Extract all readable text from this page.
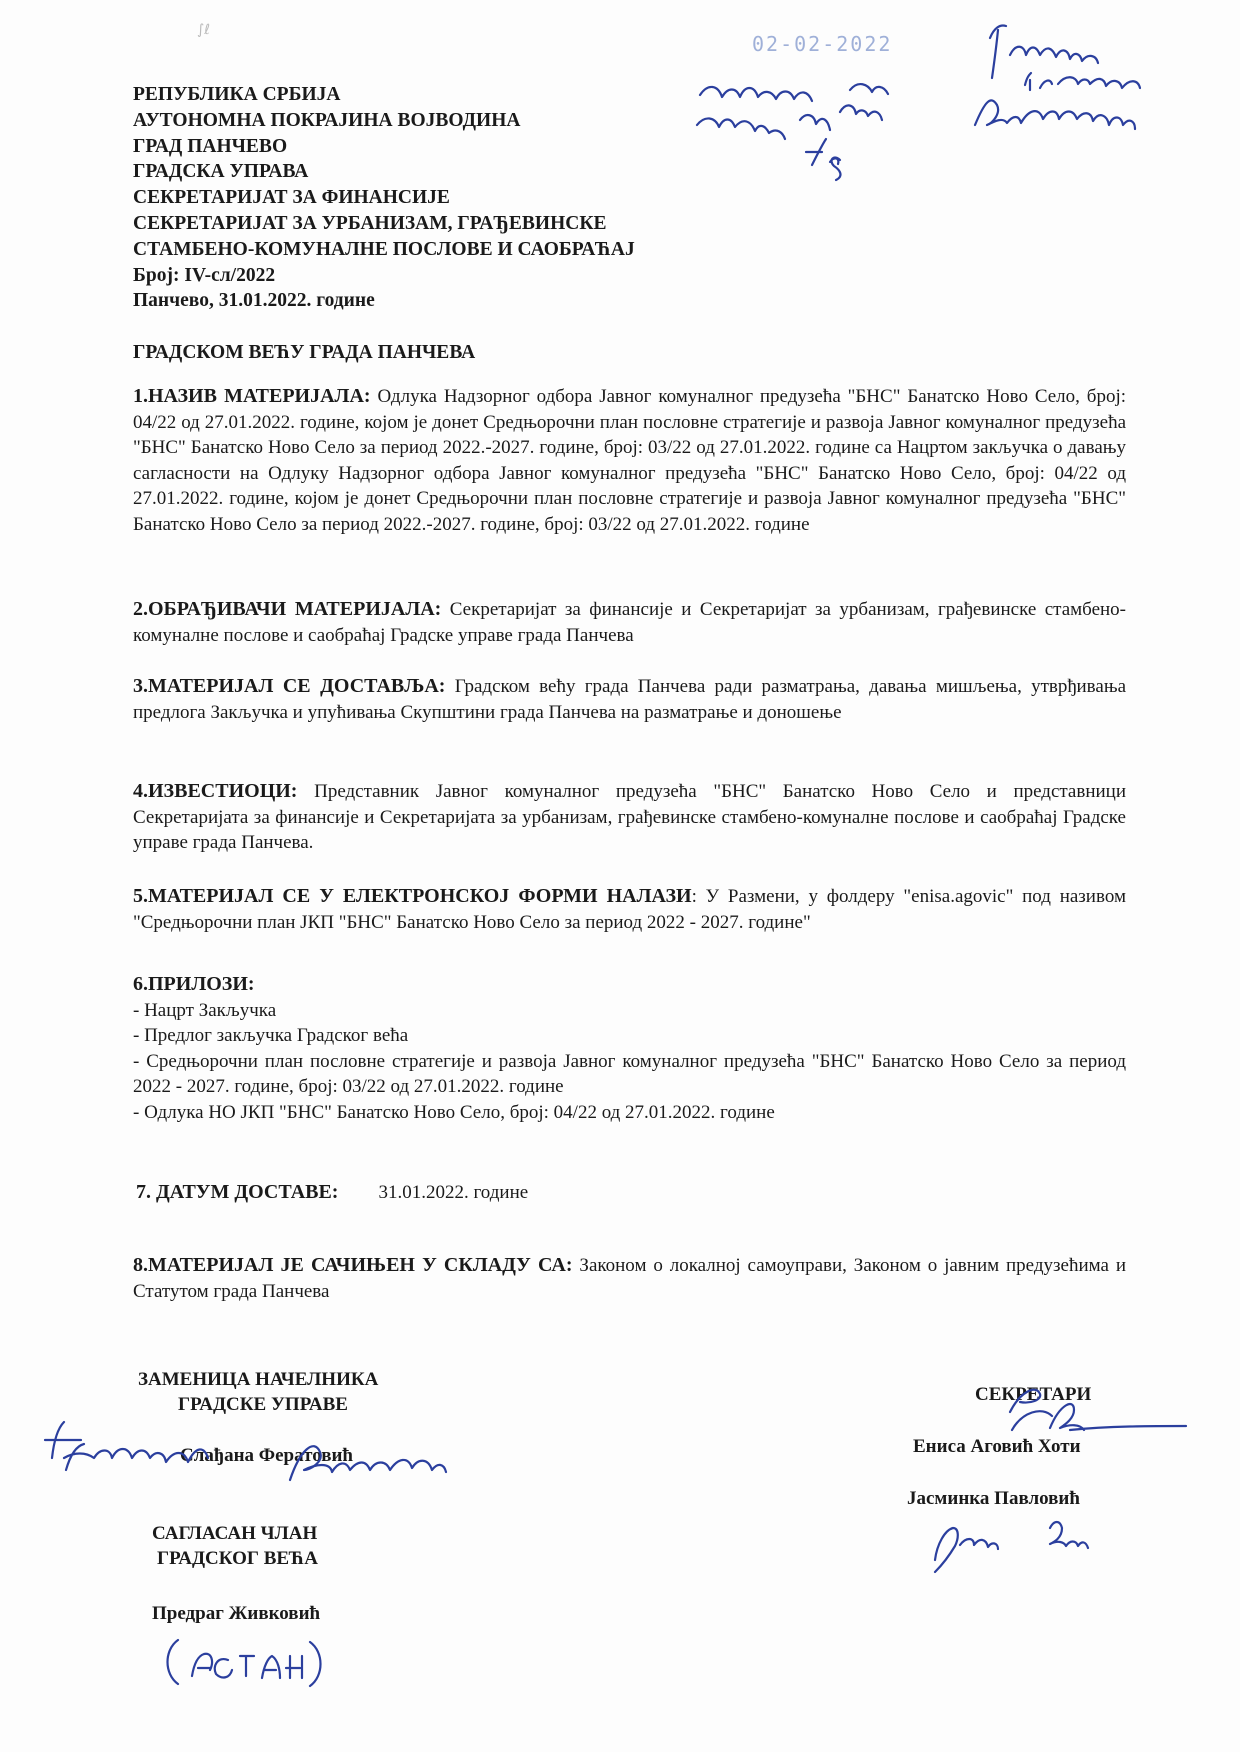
02-02-2022
РЕПУБЛИКА СРБИЈА
АУТОНОМНА ПОКРАЈИНА ВОЈВОДИНА
ГРАД ПАНЧЕВО
ГРАДСКА УПРАВА
СЕКРЕТАРИЈАТ ЗА ФИНАНСИЈЕ
СЕКРЕТАРИЈАТ ЗА УРБАНИЗАМ, ГРАЂЕВИНСКЕ
СТАМБЕНО-КОМУНАЛНЕ ПОСЛОВЕ И САОБРАЋАЈ
Број: IV-сл/2022
Панчево, 31.01.2022. године
ГРАДСКОМ ВЕЋУ ГРАДА ПАНЧЕВА
1.НАЗИВ МАТЕРИЈАЛА: Одлука Надзорног одбора Јавног комуналног предузећа "БНС" Банатско Ново Село, број: 04/22 од 27.01.2022. године, којом је донет Средњорочни план пословне стратегије и развоја Јавног комуналног предузећа "БНС" Банатско Ново Село за период 2022.-2027. године, број: 03/22 од 27.01.2022. године са Нацртом закључка о давању сагласности на Одлуку Надзорног одбора Јавног комуналног предузећа "БНС" Банатско Ново Село, број: 04/22 од 27.01.2022. године, којом је донет Средњорочни план пословне стратегије и развоја Јавног комуналног предузећа "БНС" Банатско Ново Село за период 2022.-2027. године, број: 03/22 од 27.01.2022. године
2.ОБРАЂИВАЧИ МАТЕРИЈАЛА: Секретаријат за финансије и Секретаријат за урбанизам, грађевинске стамбено-комуналне послове и саобраћај Градске управе града Панчева
3.МАТЕРИЈАЛ СЕ ДОСТАВЉА: Градском већу града Панчева ради разматрања, давања мишљења, утврђивања предлога Закључка и упућивања Скупштини града Панчева на разматрање и доношење
4.ИЗВЕСТИОЦИ: Представник Јавног комуналног предузећа "БНС" Банатско Ново Село и представници Секретаријата за финансије и Секретаријата за урбанизам, грађевинске стамбено-комуналне послове и саобраћај Градске управе града Панчева.
5.МАТЕРИЈАЛ СЕ У ЕЛЕКТРОНСКОЈ ФОРМИ НАЛАЗИ: У Размени, у фолдеру "enisa.agovic" под називом "Средњорочни план ЈКП "БНС" Банатско Ново Село за период 2022 - 2027. године"
6.ПРИЛОЗИ:
- Нацрт Закључка
- Предлог закључка Градског већа
- Средњорочни план пословне стратегије и развоја Јавног комуналног предузећа "БНС" Банатско Ново Село за период 2022 - 2027. године, број: 03/22 од 27.01.2022. године
- Одлука НО ЈКП "БНС" Банатско Ново Село, број: 04/22 од 27.01.2022. године
7. ДАТУМ ДОСТАВЕ: 31.01.2022. године
8.МАТЕРИЈАЛ ЈЕ САЧИЊЕН У СКЛАДУ СА: Законом о локалној самоуправи, Законом о јавним предузећима и Статутом града Панчева
ЗАМЕНИЦА НАЧЕЛНИКА
ГРАДСКЕ УПРАВЕ
Слађана Фератовић
САГЛАСАН ЧЛАН
ГРАДСКОГ ВЕЋА
Предраг Живковић
СЕКРЕТАРИ
Ениса Аговић Хоти
Јасминка Павловић
∫ℓ
